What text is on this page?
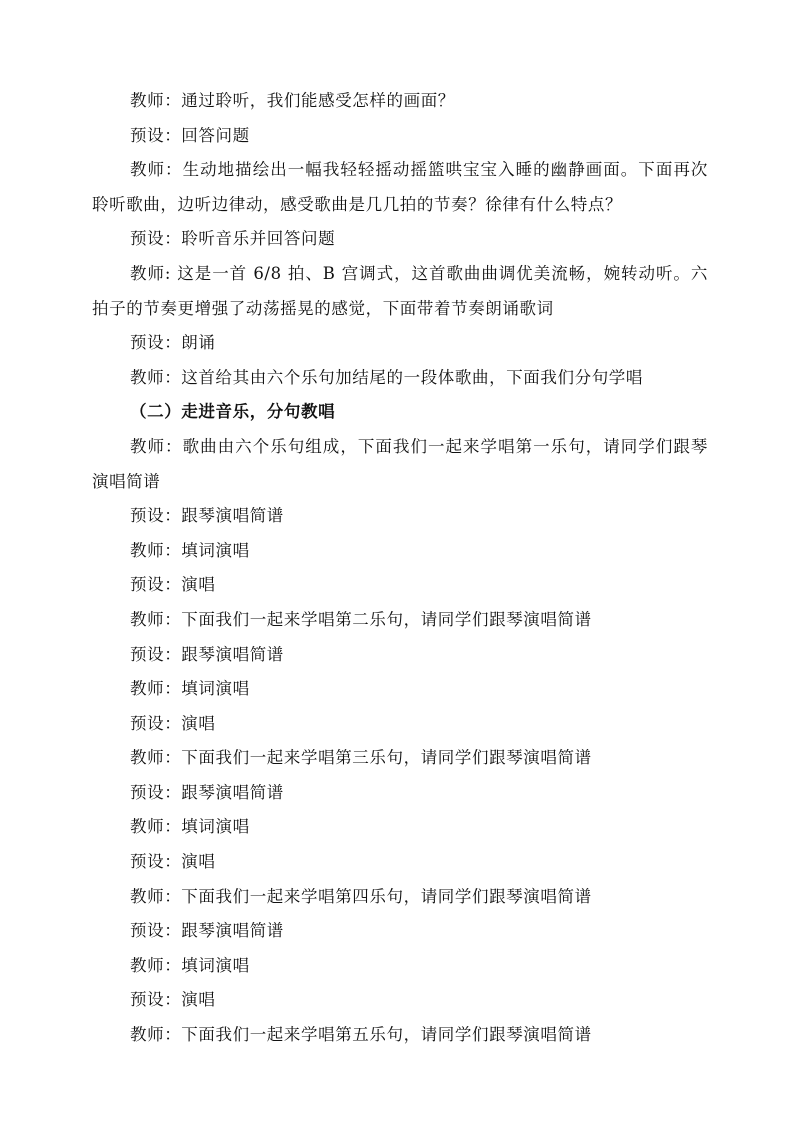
教师：通过聆听，我们能感受怎样的画面？

预设：回答问题

教师：生动地描绘出一幅我轻轻摇动摇篮哄宝宝入睡的幽静画面。下面再次聆听歌曲，边听边律动，感受歌曲是几几拍的节奏？徐律有什么特点？

预设：聆听音乐并回答问题

教师: 这是一首 6/8 拍、B 宫调式，这首歌曲曲调优美流畅，婉转动听。六拍子的节奏更增强了动荡摇晃的感觉，下面带着节奏朗诵歌词

预设：朗诵

教师：这首给其由六个乐句加结尾的一段体歌曲，下面我们分句学唱

（二）走进音乐，分句教唱

教师：歌曲由六个乐句组成，下面我们一起来学唱第一乐句，请同学们跟琴演唱简谱

预设：跟琴演唱简谱

教师：填词演唱

预设：演唱

教师：下面我们一起来学唱第二乐句，请同学们跟琴演唱简谱

预设：跟琴演唱简谱

教师：填词演唱

预设：演唱

教师：下面我们一起来学唱第三乐句，请同学们跟琴演唱简谱

预设：跟琴演唱简谱

教师：填词演唱

预设：演唱

教师：下面我们一起来学唱第四乐句，请同学们跟琴演唱简谱

预设：跟琴演唱简谱

教师：填词演唱

预设：演唱

教师：下面我们一起来学唱第五乐句，请同学们跟琴演唱简谱
